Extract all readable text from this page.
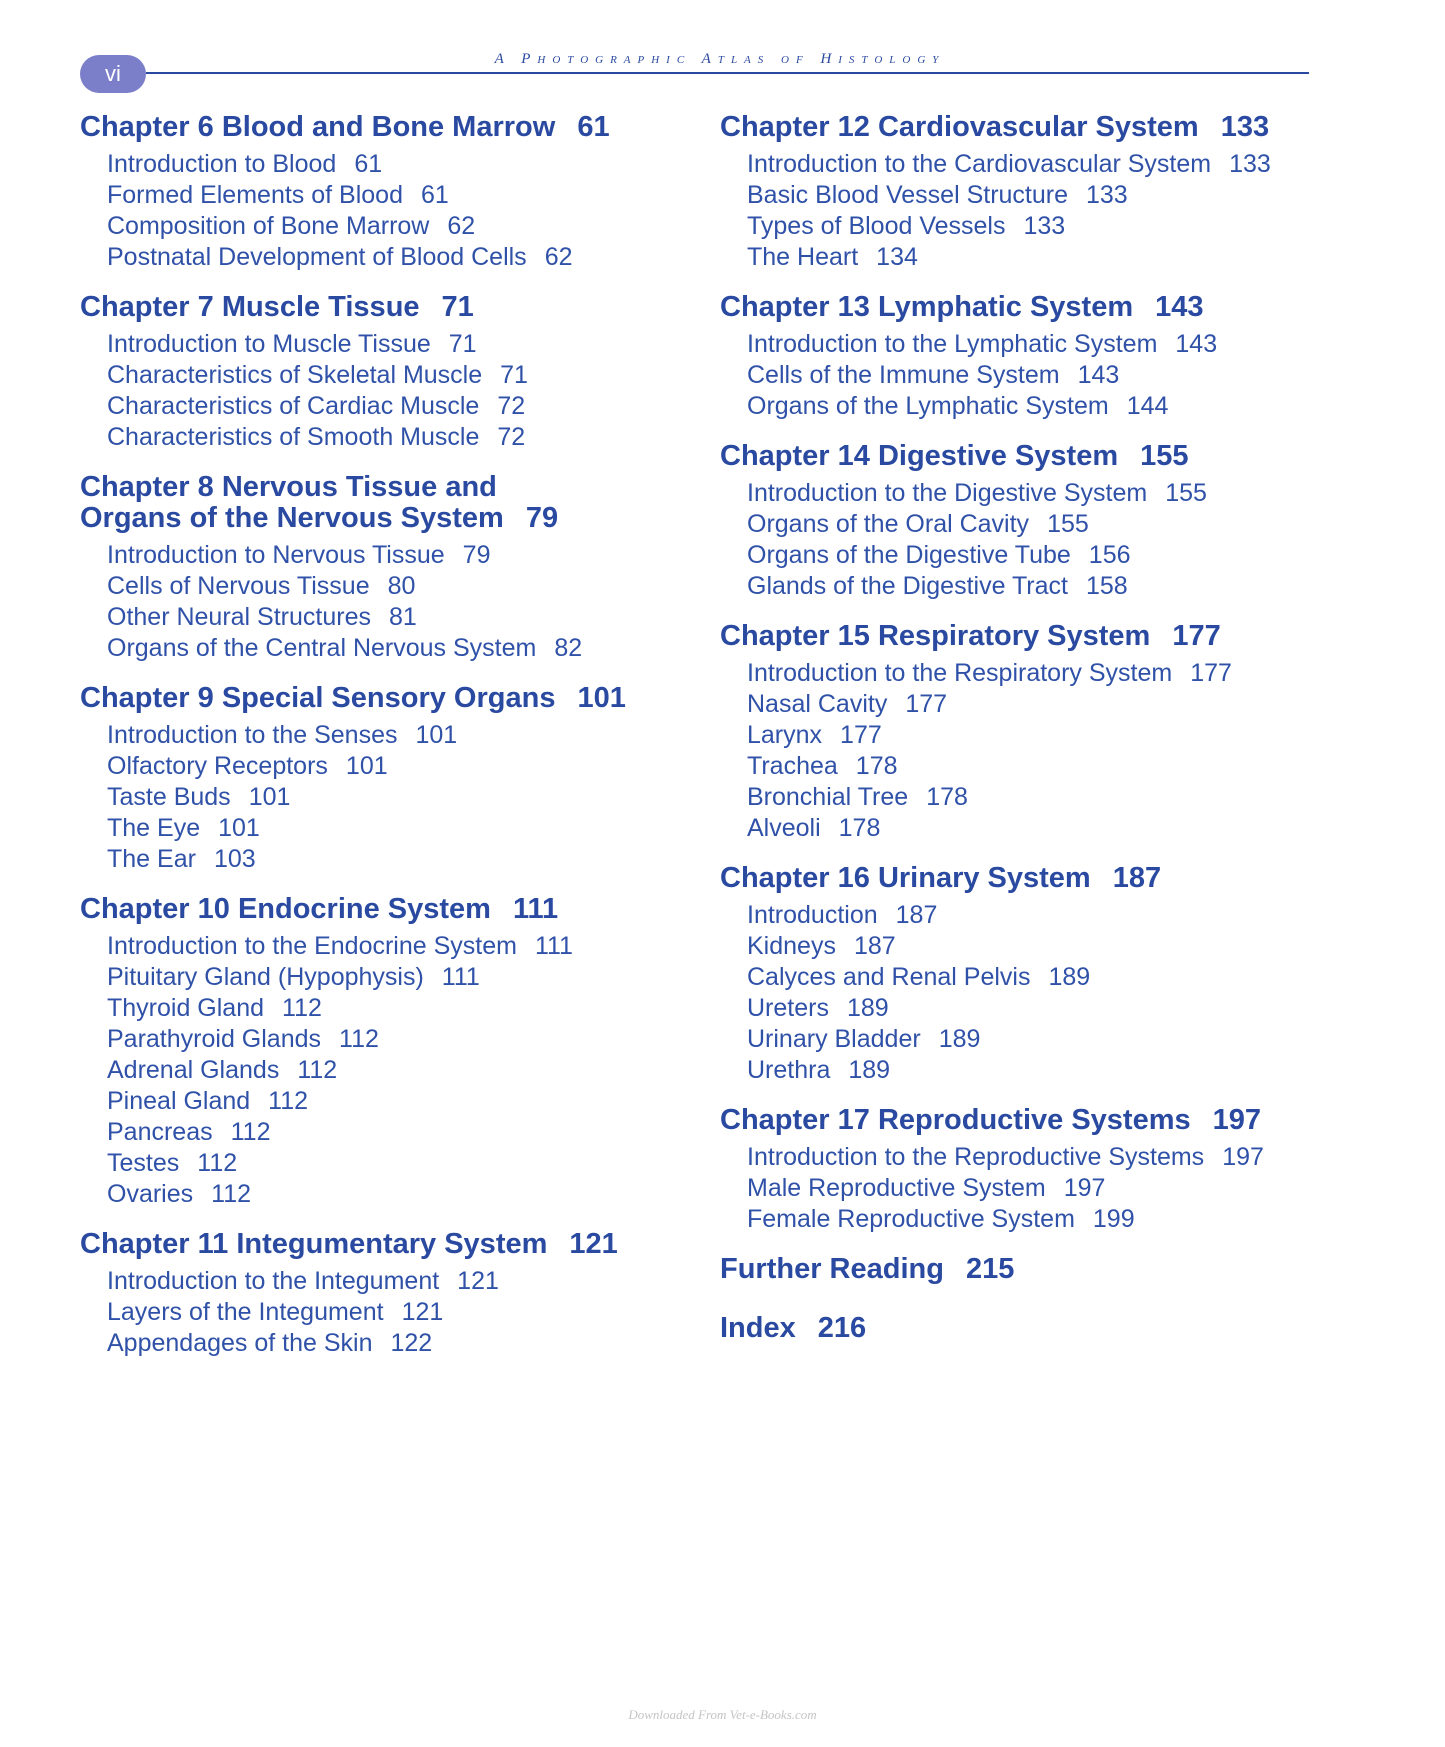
vi
A Photographic Atlas of Histology
Chapter 6 Blood and Bone Marrow 61
Introduction to Blood 61
Formed Elements of Blood 61
Composition of Bone Marrow 62
Postnatal Development of Blood Cells 62
Chapter 7 Muscle Tissue 71
Introduction to Muscle Tissue 71
Characteristics of Skeletal Muscle 71
Characteristics of Cardiac Muscle 72
Characteristics of Smooth Muscle 72
Chapter 8 Nervous Tissue and
Organs of the Nervous System 79
Introduction to Nervous Tissue 79
Cells of Nervous Tissue 80
Other Neural Structures 81
Organs of the Central Nervous System 82
Chapter 9 Special Sensory Organs 101
Introduction to the Senses 101
Olfactory Receptors 101
Taste Buds 101
The Eye 101
The Ear 103
Chapter 10 Endocrine System 111
Introduction to the Endocrine System 111
Pituitary Gland (Hypophysis) 111
Thyroid Gland 112
Parathyroid Glands 112
Adrenal Glands 112
Pineal Gland 112
Pancreas 112
Testes 112
Ovaries 112
Chapter 11 Integumentary System 121
Introduction to the Integument 121
Layers of the Integument 121
Appendages of the Skin 122
Chapter 12 Cardiovascular System 133
Introduction to the Cardiovascular System 133
Basic Blood Vessel Structure 133
Types of Blood Vessels 133
The Heart 134
Chapter 13 Lymphatic System 143
Introduction to the Lymphatic System 143
Cells of the Immune System 143
Organs of the Lymphatic System 144
Chapter 14 Digestive System 155
Introduction to the Digestive System 155
Organs of the Oral Cavity 155
Organs of the Digestive Tube 156
Glands of the Digestive Tract 158
Chapter 15 Respiratory System 177
Introduction to the Respiratory System 177
Nasal Cavity 177
Larynx 177
Trachea 178
Bronchial Tree 178
Alveoli 178
Chapter 16 Urinary System 187
Introduction 187
Kidneys 187
Calyces and Renal Pelvis 189
Ureters 189
Urinary Bladder 189
Urethra 189
Chapter 17 Reproductive Systems 197
Introduction to the Reproductive Systems 197
Male Reproductive System 197
Female Reproductive System 199
Further Reading 215
Index 216
Downloaded From Vet-e-Books.com
